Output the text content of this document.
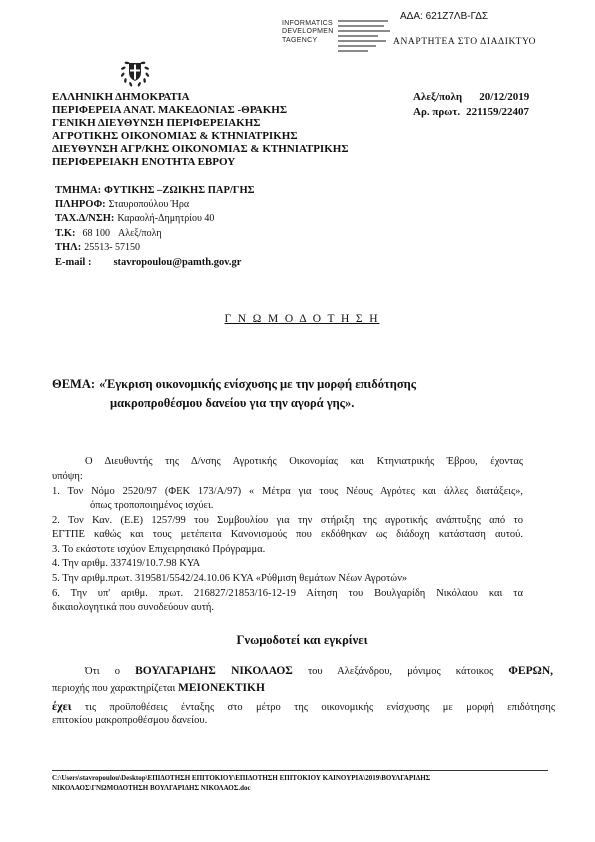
ΑΔΑ: 621Ζ7ΛΒ-ΓΔΣ
INFORMATICS
DEVELOPMEN
TAGENCY	ΑΝΑΡΤΗΤΕΑ ΣΤΟ ΔΙΑΔΙΚΤΥΟ
ΕΛΛΗΝΙΚΗ ΔΗΜΟΚΡΑΤΙΑ
ΠΕΡΙΦΕΡΕΙΑ ΑΝΑΤ. ΜΑΚΕΔΟΝΙΑΣ -ΘΡΑΚΗΣ
ΓΕΝΙΚΗ ΔΙΕΥΘΥΝΣΗ ΠΕΡΙΦΕΡΕΙΑΚΗΣ
ΑΓΡΟΤΙΚΗΣ ΟΙΚΟΝΟΜΙΑΣ & ΚΤΗΝΙΑΤΡΙΚΗΣ
ΔΙΕΥΘΥΝΣΗ ΑΓΡ/ΚΗΣ ΟΙΚΟΝΟΜΙΑΣ & ΚΤΗΝΙΑΤΡΙΚΗΣ
ΠΕΡΙΦΕΡΕΙΑΚΗ ΕΝΟΤΗΤΑ ΕΒΡΟΥ
Αλεξ/πολη 20/12/2019
Αρ. πρωτ. 221159/22407
ΤΜΗΜΑ: ΦΥΤΙΚΗΣ –ΖΩΙΚΗΣ ΠΑΡ/ΓΗΣ
ΠΛΗΡΟΦ: Σταυροπούλου Ήρα
ΤΑΧ.Δ/ΝΣΗ: Καραολή-Δημητρίου 40
Τ.Κ: 68 100 Αλεξ/πολη
ΤΗΛ: 25513- 57150
E-mail : stavropoulou@pamth.gov.gr
Γ Ν Ω Μ Ο Δ Ο Τ Η Σ Η
ΘΕΜΑ: «Έγκριση οικονομικής ενίσχυσης με την μορφή επιδότησης
μακροπροθέσμου δανείου για την αγορά γης».
Ο Διευθυντής της Δ/νσης Αγροτικής Οικονομίας και Κτηνιατρικής Έβρου, έχοντας
υπόψη:
1. Τον Νόμο 2520/97 (ΦΕΚ 173/Α/97) « Μέτρα για τους Νέους Αγρότες και άλλες διατάξεις»,
όπως τροποποιημένος ισχύει.
2. Τον Καν. (Ε.Ε) 1257/99 του Συμβουλίου για την στήριξη της αγροτικής ανάπτυξης από το
ΕΓΤΠΕ καθώς και τους μετέπειτα Κανονισμούς που εκδόθηκαν ως διάδοχη κατάσταση αυτού.
3. Το εκάστοτε ισχύον Επιχειρησιακό Πρόγραμμα.
4. Την αριθμ. 337419/10.7.98 ΚΥΑ
5. Την αριθμ.πρωτ. 319581/5542/24.10.06 ΚΥΑ «Ρύθμιση θεμάτων Νέων Αγροτών»
6. Την υπ' αριθμ. πρωτ. 216827/21853/16-12-19 Αίτηση του Βουλγαρίδη Νικόλαου και τα
δικαιολογητικά που συνοδεύουν αυτή.
Γνωμοδοτεί και εγκρίνει
Ότι ο ΒΟΥΛΓΑΡΙΔΗΣ ΝΙΚΟΛΑΟΣ του Αλεξάνδρου, μόνιμος κάτοικος ΦΕΡΩΝ,
περιοχής που χαρακτηρίζεται ΜΕΙΟΝΕΚΤΙΚΗ
έχει τις προϋποθέσεις ένταξης στο μέτρο της οικονομικής ενίσχυσης με μορφή επιδότησης
επιτοκίου μακροπροθέσμου δανείου.
C:\Users\stavropoulou\Desktop\ΕΠΙΔΟΤΗΣΗ ΕΠΙΤΟΚΙΟΥ\ΕΠΙΔΟΤΗΣΗ ΕΠΙΤΟΚΙΟΥ ΚΑΙΝΟΥΡΙΑ\2019\ΒΟΥΛΓΑΡΙΔΗΣ
ΝΙΚΟΛΑΟΣ\ΓΝΩΜΟΔΟΤΗΣΗ ΒΟΥΛΓΑΡΙΔΗΣ ΝΙΚΟΛΑΟΣ.doc
